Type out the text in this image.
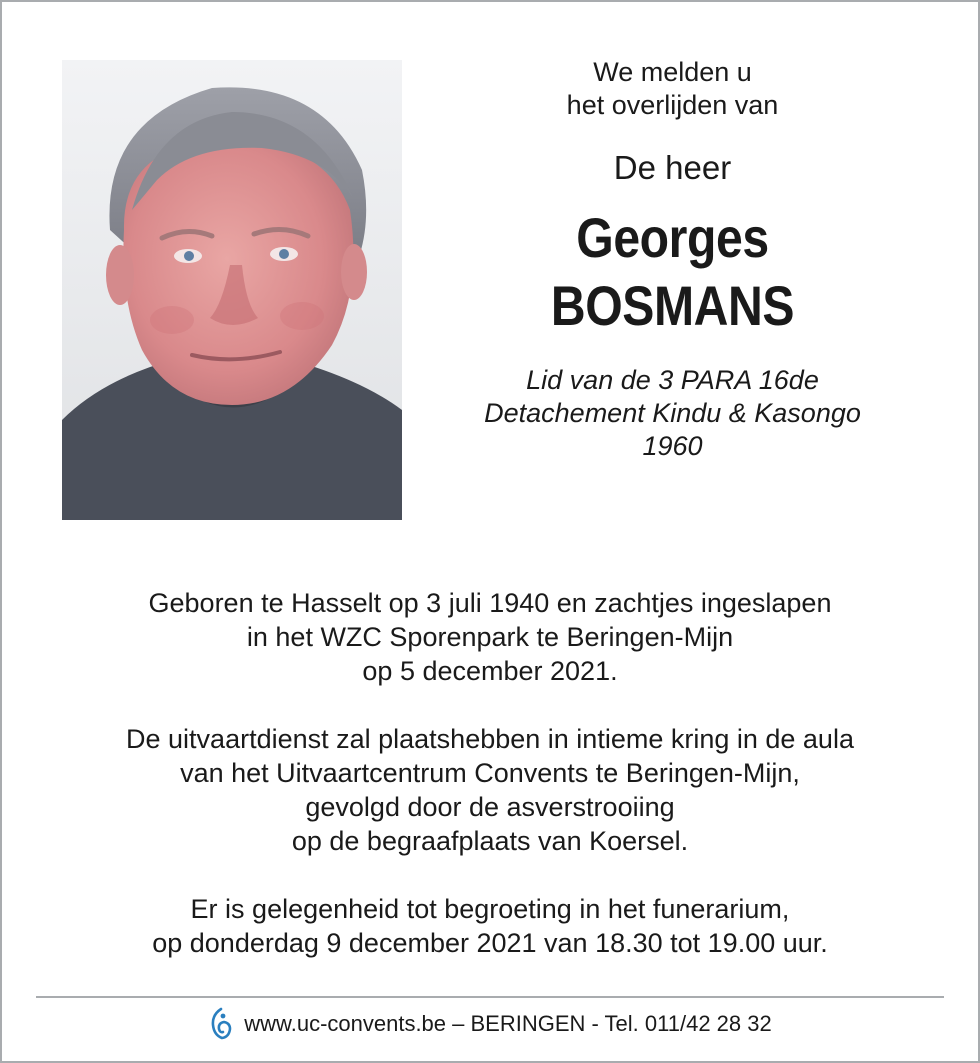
We melden u
het overlijden van
De heer
Georges
BOSMANS
Lid van de 3 PARA 16de
Detachement Kindu & Kasongo
1960
Geboren te Hasselt op 3 juli 1940 en zachtjes ingeslapen
in het WZC Sporenpark te Beringen-Mijn
op 5 december 2021.
De uitvaartdienst zal plaatshebben in intieme kring in de aula
van het Uitvaartcentrum Convents te Beringen-Mijn,
gevolgd door de asverstrooiing
op de begraafplaats van Koersel.
Er is gelegenheid tot begroeting in het funerarium,
op donderdag 9 december 2021 van 18.30 tot 19.00 uur.
www.uc-convents.be – BERINGEN - Tel. 011/42 28 32
